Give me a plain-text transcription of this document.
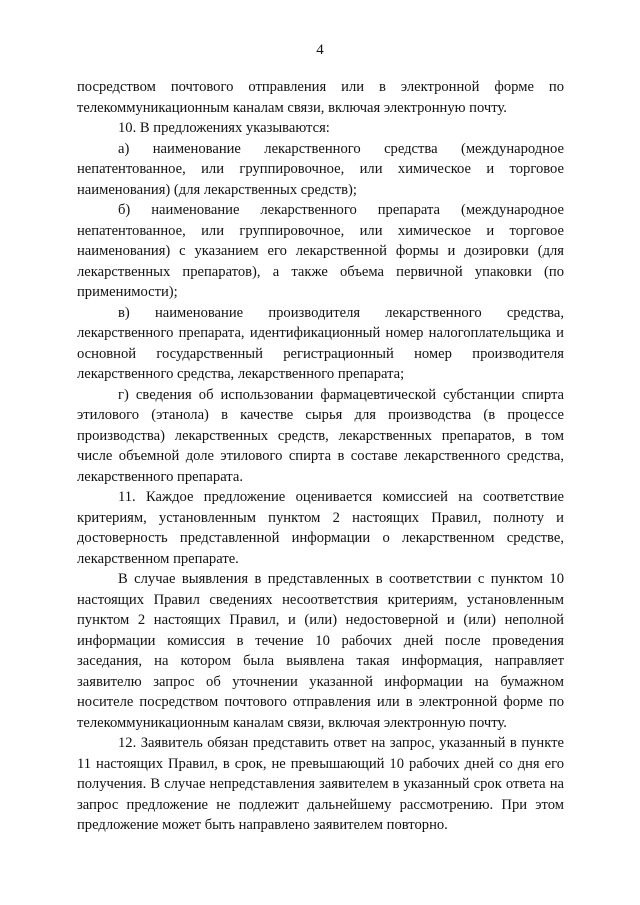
4

посредством почтового отправления или в электронной форме по телекоммуникационным каналам связи, включая электронную почту.

10. В предложениях указываются:

а) наименование лекарственного средства (международное непатентованное, или группировочное, или химическое и торговое наименования) (для лекарственных средств);

б) наименование лекарственного препарата (международное непатентованное, или группировочное, или химическое и торговое наименования) с указанием его лекарственной формы и дозировки (для лекарственных препаратов), а также объема первичной упаковки (по применимости);

в) наименование производителя лекарственного средства, лекарственного препарата, идентификационный номер налогоплательщика и основной государственный регистрационный номер производителя лекарственного средства, лекарственного препарата;

г) сведения об использовании фармацевтической субстанции спирта этилового (этанола) в качестве сырья для производства (в процессе производства) лекарственных средств, лекарственных препаратов, в том числе объемной доле этилового спирта в составе лекарственного средства, лекарственного препарата.

11. Каждое предложение оценивается комиссией на соответствие критериям, установленным пунктом 2 настоящих Правил, полноту и достоверность представленной информации о лекарственном средстве, лекарственном препарате.

В случае выявления в представленных в соответствии с пунктом 10 настоящих Правил сведениях несоответствия критериям, установленным пунктом 2 настоящих Правил, и (или) недостоверной и (или) неполной информации комиссия в течение 10 рабочих дней после проведения заседания, на котором была выявлена такая информация, направляет заявителю запрос об уточнении указанной информации на бумажном носителе посредством почтового отправления или в электронной форме по телекоммуникационным каналам связи, включая электронную почту.

12. Заявитель обязан представить ответ на запрос, указанный в пункте 11 настоящих Правил, в срок, не превышающий 10 рабочих дней со дня его получения. В случае непредставления заявителем в указанный срок ответа на запрос предложение не подлежит дальнейшему рассмотрению. При этом предложение может быть направлено заявителем повторно.
